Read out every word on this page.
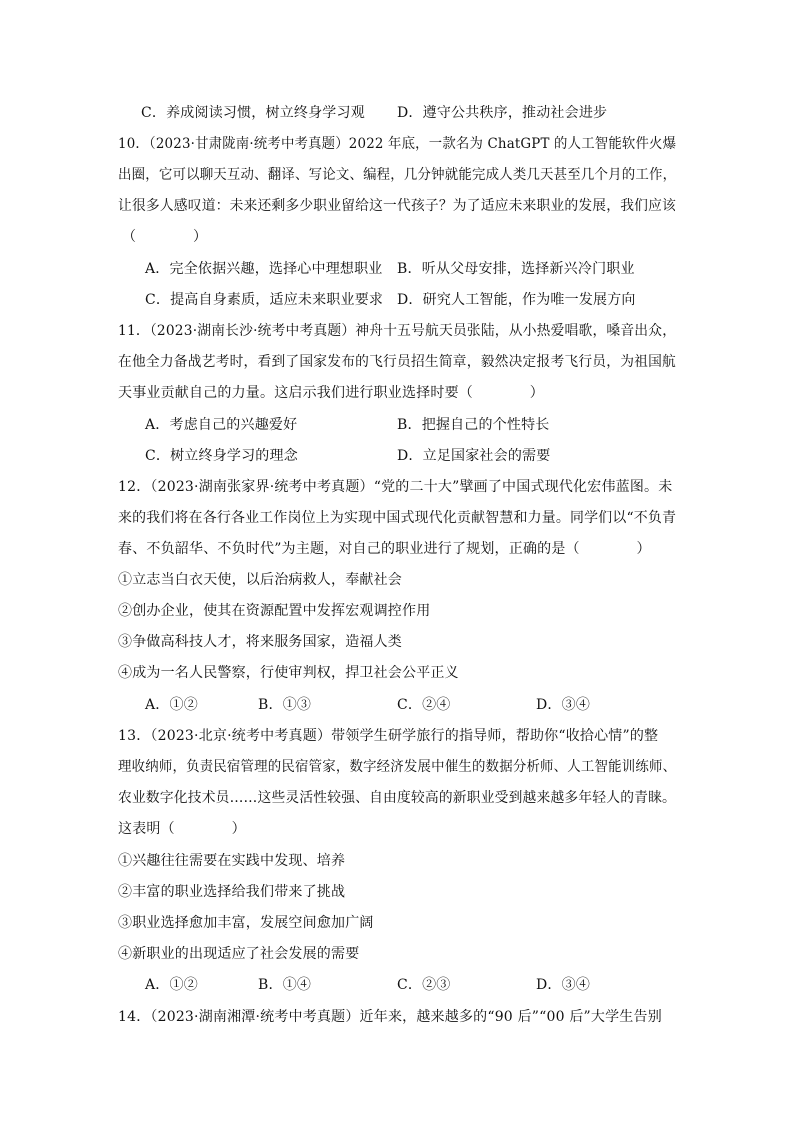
C．养成阅读习惯，树立终身学习观 D．遵守公共秩序，推动社会进步
10．（2023·甘肃陇南·统考中考真题）2022 年底，一款名为 ChatGPT 的人工智能软件火爆
出圈，它可以聊天互动、翻译、写论文、编程，几分钟就能完成人类几天甚至几个月的工作，
让很多人感叹道：未来还剩多少职业留给这一代孩子？为了适应未来职业的发展，我们应该
（　　　　）
A．完全依据兴趣，选择心中理想职业 B．听从父母安排，选择新兴冷门职业
C．提高自身素质，适应未来职业要求 D．研究人工智能，作为唯一发展方向
11．（2023·湖南长沙·统考中考真题）神舟十五号航天员张陆，从小热爱唱歌，嗓音出众，
在他全力备战艺考时，看到了国家发布的飞行员招生简章，毅然决定报考飞行员，为祖国航
天事业贡献自己的力量。这启示我们进行职业选择时要（　　　　）
A．考虑自己的兴趣爱好	B．把握自己的个性特长
C．树立终身学习的理念	D．立足国家社会的需要
12．（2023·湖南张家界·统考中考真题）“党的二十大”擘画了中国式现代化宏伟蓝图。未
来的我们将在各行各业工作岗位上为实现中国式现代化贡献智慧和力量。同学们以“不负青
春、不负韶华、不负时代”为主题，对自己的职业进行了规划，正确的是（　　　　）
①立志当白衣天使，以后治病救人，奉献社会
②创办企业，使其在资源配置中发挥宏观调控作用
③争做高科技人才，将来服务国家，造福人类
④成为一名人民警察，行使审判权，捍卫社会公平正义
A．①②	B．①③	C．②④	D．③④
13．（2023·北京·统考中考真题）带领学生研学旅行的指导师，帮助你“收拾心情”的整
理收纳师，负责民宿管理的民宿管家，数字经济发展中催生的数据分析师、人工智能训练师、
农业数字化技术员……这些灵活性较强、自由度较高的新职业受到越来越多年轻人的青睐。
这表明（　　　　）
①兴趣往往需要在实践中发现、培养
②丰富的职业选择给我们带来了挑战
③职业选择愈加丰富，发展空间愈加广阔
④新职业的出现适应了社会发展的需要
A．①②	B．①④	C．②③	D．③④
14．（2023·湖南湘潭·统考中考真题）近年来，越来越多的“90 后”“00 后”大学生告别
